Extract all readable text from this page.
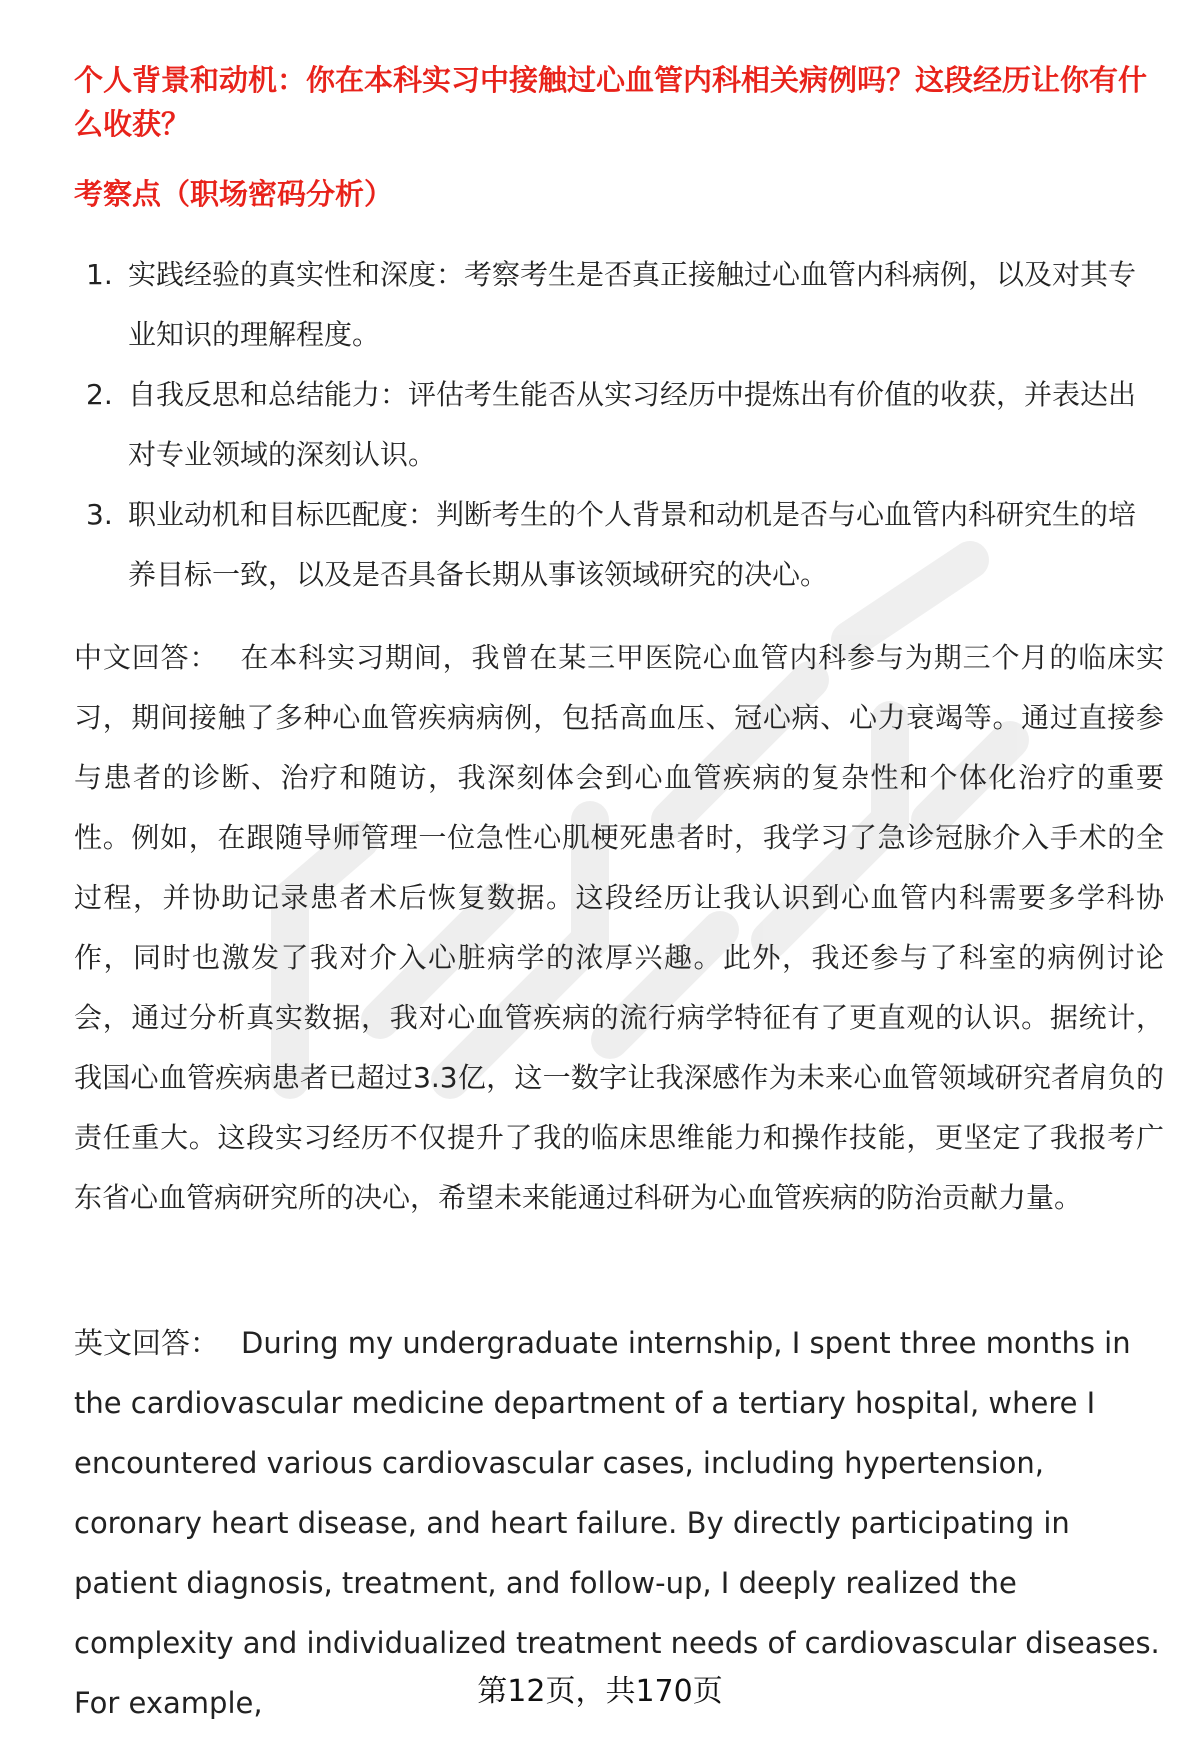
个人背景和动机：你在本科实习中接触过心血管内科相关病例吗？这段经历让你有什么收获？
考察点（职场密码分析）
1. 实践经验的真实性和深度：考察考生是否真正接触过心血管内科病例，以及对其专业知识的理解程度。
2. 自我反思和总结能力：评估考生能否从实习经历中提炼出有价值的收获，并表达出对专业领域的深刻认识。
3. 职业动机和目标匹配度：判断考生的个人背景和动机是否与心血管内科研究生的培养目标一致，以及是否具备长期从事该领域研究的决心。

中文回答： 在本科实习期间，我曾在某三甲医院心血管内科参与为期三个月的临床实习，期间接触了多种心血管疾病病例，包括高血压、冠心病、心力衰竭等。通过直接参与患者的诊断、治疗和随访，我深刻体会到心血管疾病的复杂性和个体化治疗的重要性。例如，在跟随导师管理一位急性心肌梗死患者时，我学习了急诊冠脉介入手术的全过程，并协助记录患者术后恢复数据。这段经历让我认识到心血管内科需要多学科协作，同时也激发了我对介入心脏病学的浓厚兴趣。此外，我还参与了科室的病例讨论会，通过分析真实数据，我对心血管疾病的流行病学特征有了更直观的认识。据统计，我国心血管疾病患者已超过3.3亿，这一数字让我深感作为未来心血管领域研究者肩负的责任重大。这段实习经历不仅提升了我的临床思维能力和操作技能，更坚定了我报考广东省心血管病研究所的决心，希望未来能通过科研为心血管疾病的防治贡献力量。

英文回答： During my undergraduate internship, I spent three months in the cardiovascular medicine department of a tertiary hospital, where I encountered various cardiovascular cases, including hypertension, coronary heart disease, and heart failure. By directly participating in patient diagnosis, treatment, and follow-up, I deeply realized the complexity and individualized treatment needs of cardiovascular diseases. For example,	第12页，共170页
